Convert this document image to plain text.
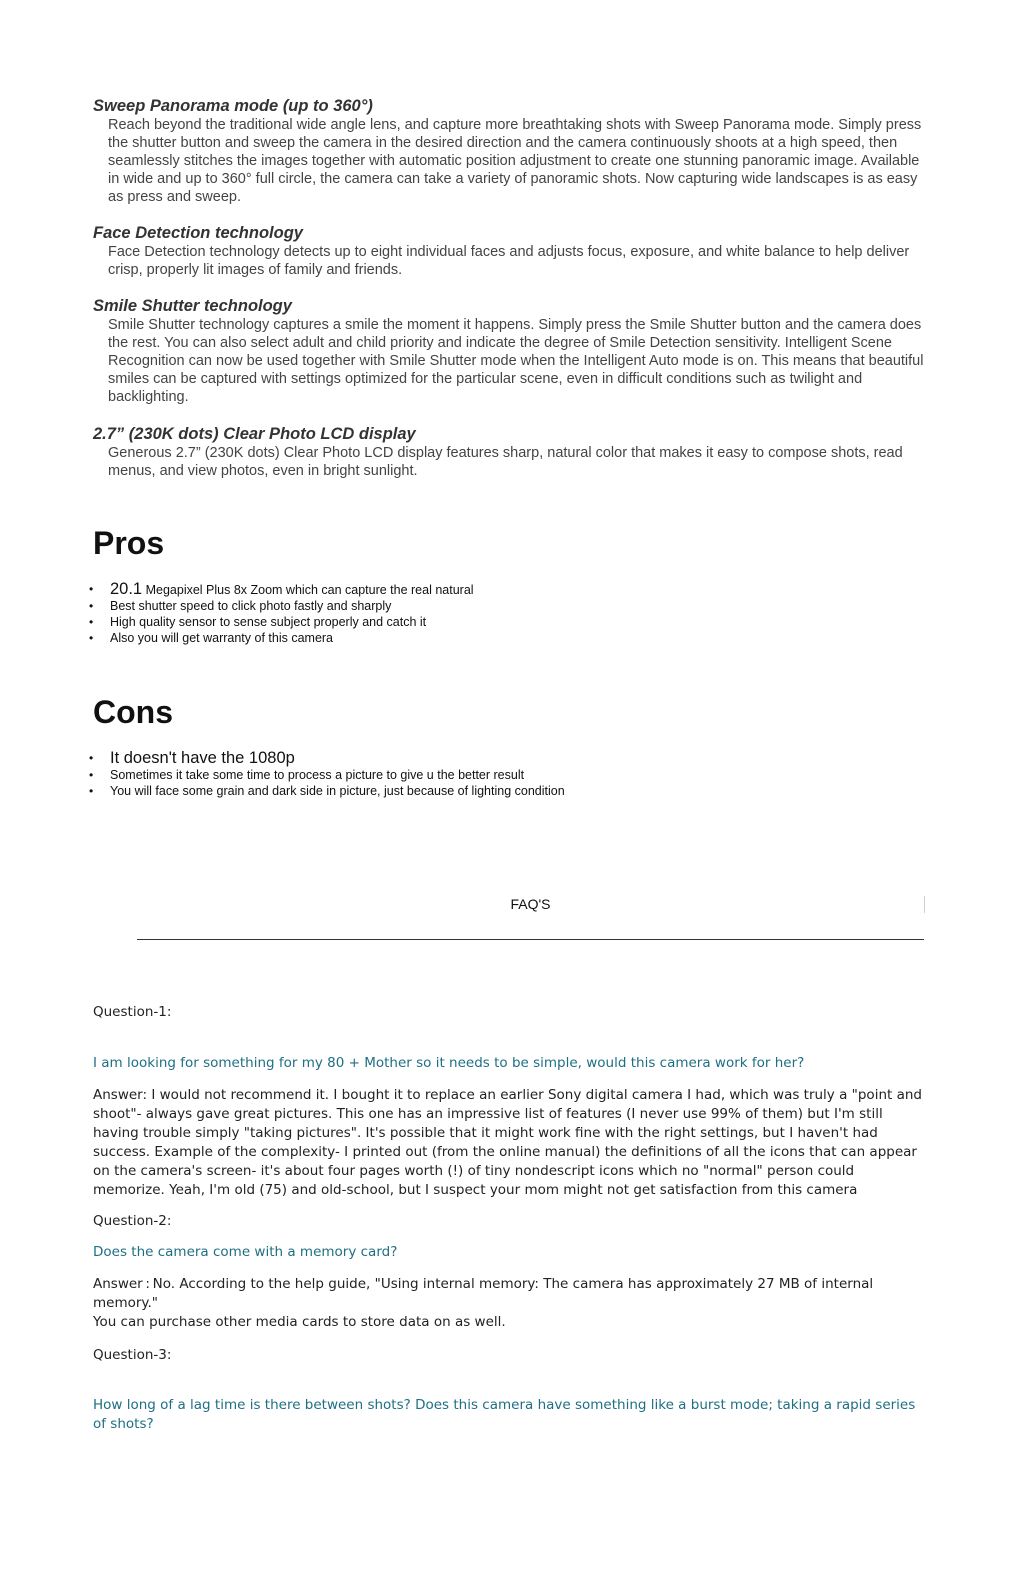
Sweep Panorama mode (up to 360°)

Reach beyond the traditional wide angle lens, and capture more breathtaking shots with Sweep Panorama mode. Simply press the shutter button and sweep the camera in the desired direction and the camera continuously shoots at a high speed, then seamlessly stitches the images together with automatic position adjustment to create one stunning panoramic image. Available in wide and up to 360° full circle, the camera can take a variety of panoramic shots. Now capturing wide landscapes is as easy as press and sweep.

Face Detection technology

Face Detection technology detects up to eight individual faces and adjusts focus, exposure, and white balance to help deliver crisp, properly lit images of family and friends.

Smile Shutter technology

Smile Shutter technology captures a smile the moment it happens. Simply press the Smile Shutter button and the camera does the rest. You can also select adult and child priority and indicate the degree of Smile Detection sensitivity. Intelligent Scene Recognition can now be used together with Smile Shutter mode when the Intelligent Auto mode is on. This means that beautiful smiles can be captured with settings optimized for the particular scene, even in difficult conditions such as twilight and backlighting.

2.7” (230K dots) Clear Photo LCD display

Generous 2.7” (230K dots) Clear Photo LCD display features sharp, natural color that makes it easy to compose shots, read menus, and view photos, even in bright sunlight.

Pros
• 20.1 Megapixel Plus 8x Zoom which can capture the real natural
• Best shutter speed to click photo fastly and sharply
• High quality sensor to sense subject properly and catch it
• Also you will get warranty of this camera
Cons
• It doesn't have the 1080p
• Sometimes it take some time to process a picture to give u the better result
• You will face some grain and dark side in picture, just because of lighting condition
FAQ'S

Question-1:

I am looking for something for my 80 + Mother so it needs to be simple, would this camera work for her?

Answer: I would not recommend it. I bought it to replace an earlier Sony digital camera I had, which was truly a "point and shoot"- always gave great pictures. This one has an impressive list of features (I never use 99% of them) but I'm still having trouble simply "taking pictures". It's possible that it might work fine with the right settings, but I haven't had success. Example of the complexity- I printed out (from the online manual) the definitions of all the icons that can appear on the camera's screen- it's about four pages worth (!) of tiny nondescript icons which no "normal" person could memorize. Yeah, I'm old (75) and old-school, but I suspect your mom might not get satisfaction from this camera

Question-2:

Does the camera come with a memory card?

Answer : No. According to the help guide, "Using internal memory: The camera has approximately 27 MB of internal memory."

You can purchase other media cards to store data on as well.

Question-3:

How long of a lag time is there between shots? Does this camera have something like a burst mode; taking a rapid series of shots?
